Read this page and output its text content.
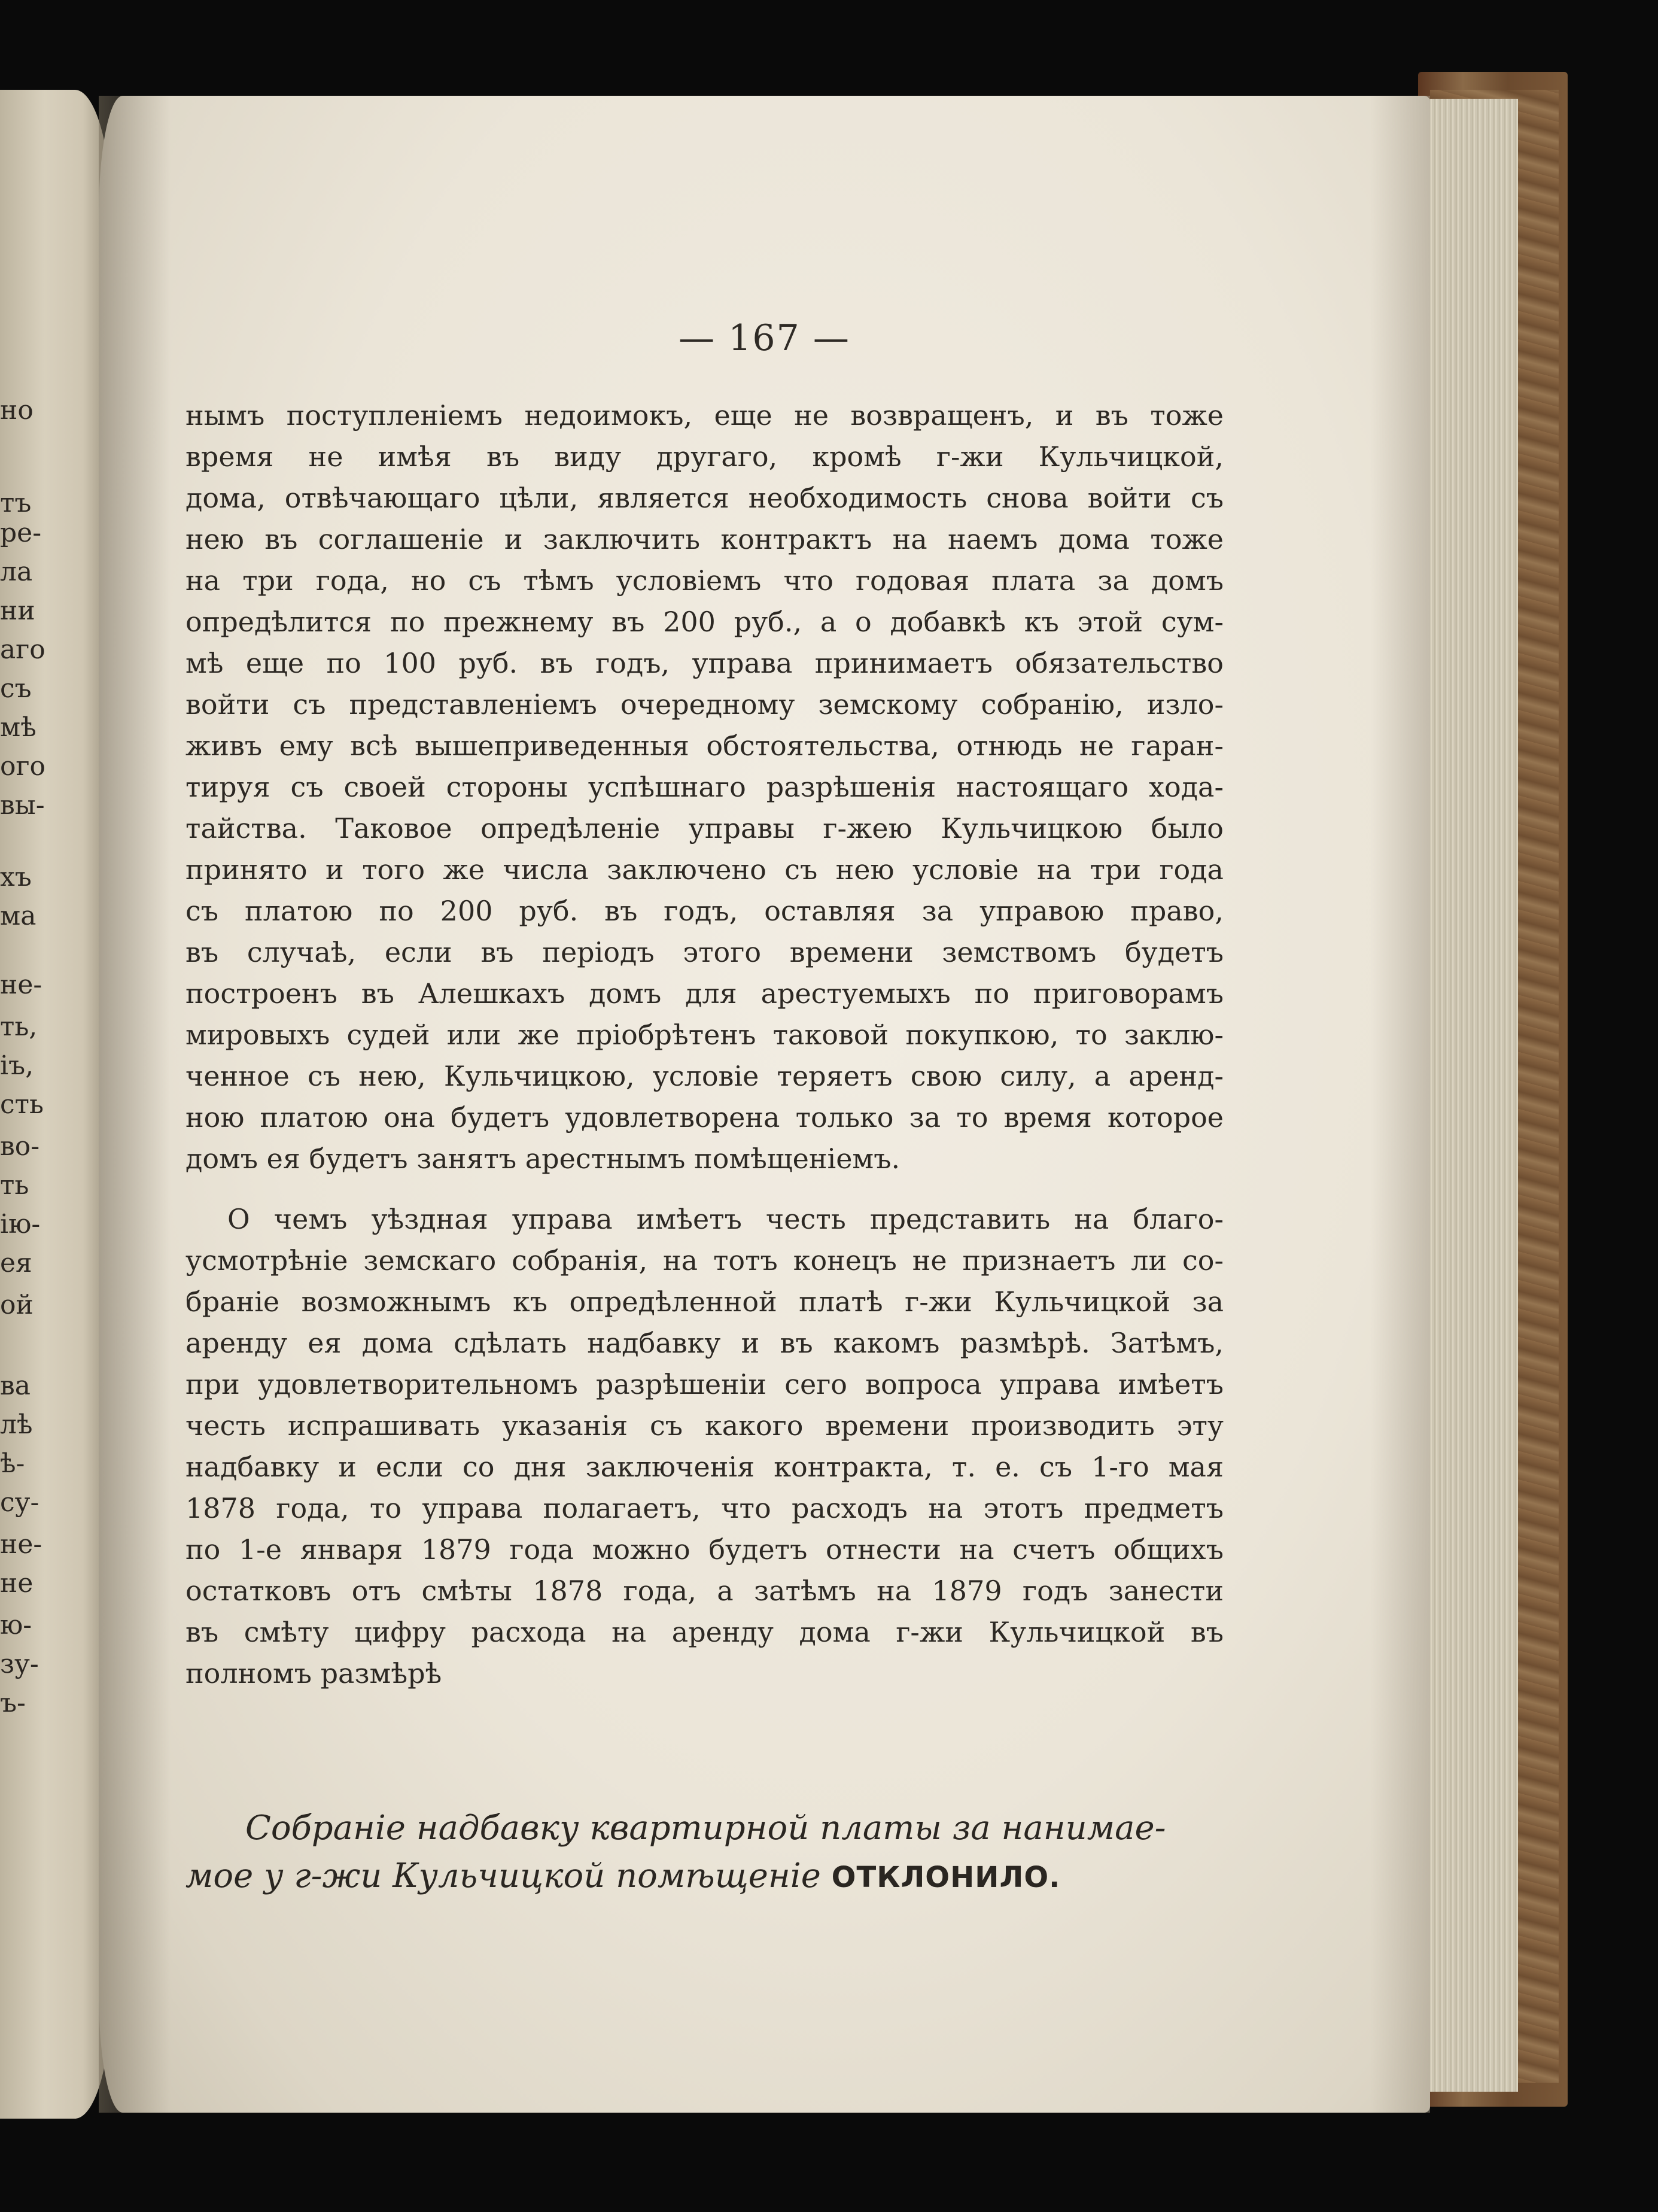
но
тъ
ре-
ла
ни
аго
съ
мѣ
ого
вы-
хъ
ма
не-
ть,
іъ,
сть
во-
ть
ію-
ея
ой
ва
лѣ
ѣ-
су-
не-
не
ю-
зу-
ъ-
— 167 —
нымъ поступленіемъ недоимокъ, еще не возвращенъ, и въ тоже
время не имѣя въ виду другаго, кромѣ г-жи Кульчицкой,
дома, отвѣчающаго цѣли, является необходимость снова войти съ
нею въ соглашеніе и заключить контрактъ на наемъ дома тоже
на три года, но съ тѣмъ условіемъ что годовая плата за домъ
опредѣлится по прежнему въ 200 руб., а о добавкѣ къ этой сум-
мѣ еще по 100 руб. въ годъ, управа принимаетъ обязательство
войти съ представленіемъ очередному земскому собранію, изло-
живъ ему всѣ вышеприведенныя обстоятельства, отнюдь не гаран-
тируя съ своей стороны успѣшнаго разрѣшенія настоящаго хода-
тайства. Таковое опредѣленіе управы г-жею Кульчицкою было
принято и того же числа заключено съ нею условіе на три года
съ платою по 200 руб. въ годъ, оставляя за управою право,
въ случаѣ, если въ періодъ этого времени земствомъ будетъ
построенъ въ Алешкахъ домъ для арестуемыхъ по приговорамъ
мировыхъ судей или же пріобрѣтенъ таковой покупкою, то заклю-
ченное съ нею, Кульчицкою, условіе теряетъ свою силу, а аренд-
ною платою она будетъ удовлетворена только за то время которое
домъ ея будетъ занятъ арестнымъ помѣщеніемъ.
О чемъ уѣздная управа имѣетъ честь представить на благо-
усмотрѣніе земскаго собранія, на тотъ конецъ не признаетъ ли со-
браніе возможнымъ къ опредѣленной платѣ г-жи Кульчицкой за
аренду ея дома сдѣлать надбавку и въ какомъ размѣрѣ. Затѣмъ,
при удовлетворительномъ разрѣшеніи сего вопроса управа имѣетъ
честь испрашивать указанія съ какого времени производить эту
надбавку и если со дня заключенія контракта, т. е. съ 1-го мая
1878 года, то управа полагаетъ, что расходъ на этотъ предметъ
по 1-е января 1879 года можно будетъ отнести на счетъ общихъ
остатковъ отъ смѣты 1878 года, а затѣмъ на 1879 годъ занести
въ смѣту цифру расхода на аренду дома г-жи Кульчицкой въ
полномъ размѣрѣ
Собраніе надбавку квартирной платы за нанимае-
мое у г-жи Кульчицкой помѣщеніе ОТКЛОНИЛО.
